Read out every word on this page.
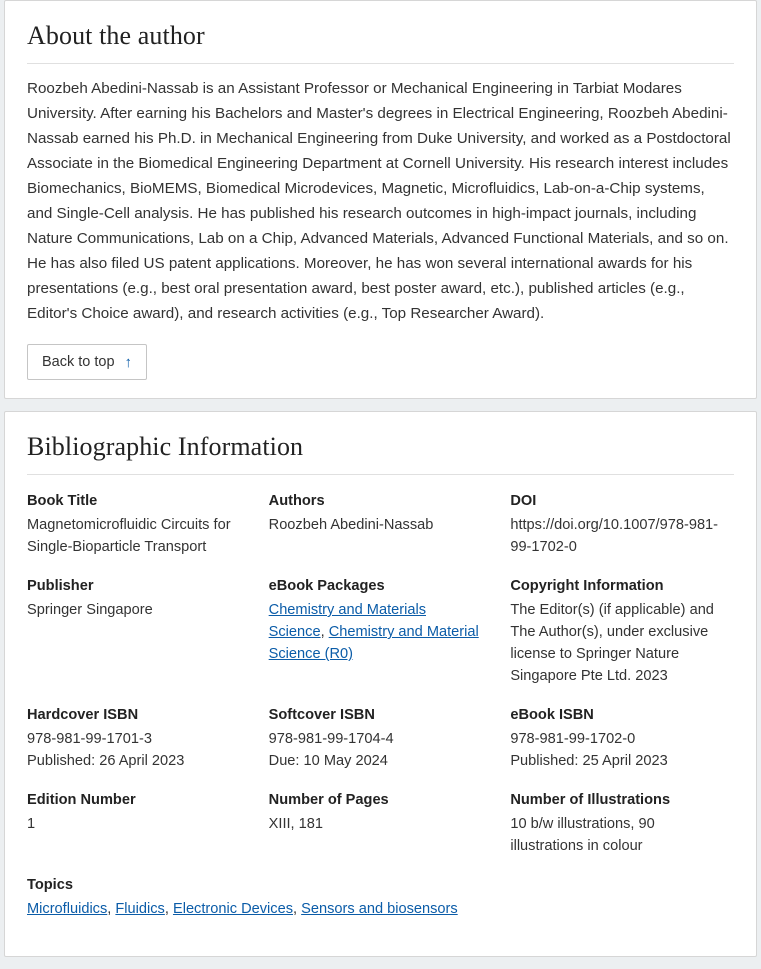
About the author

Roozbeh Abedini-Nassab is an Assistant Professor or Mechanical Engineering in Tarbiat Modares University. After earning his Bachelors and Master's degrees in Electrical Engineering, Roozbeh Abedini-Nassab earned his Ph.D. in Mechanical Engineering from Duke University, and worked as a Postdoctoral Associate in the Biomedical Engineering Department at Cornell University. His research interest includes Biomechanics, BioMEMS, Biomedical Microdevices, Magnetic, Microfluidics, Lab-on-a-Chip systems, and Single-Cell analysis. He has published his research outcomes in high-impact journals, including Nature Communications, Lab on a Chip, Advanced Materials, Advanced Functional Materials, and so on. He has also filed US patent applications. Moreover, he has won several international awards for his presentations (e.g., best oral presentation award, best poster award, etc.), published articles (e.g., Editor's Choice award), and research activities (e.g., Top Researcher Award).

Back to top ↑
Bibliographic Information
Book Title
Magnetomicrofluidic Circuits for Single-Bioparticle Transport
Authors
Roozbeh Abedini-Nassab
DOI
https://doi.org/10.1007/978-981-99-1702-0
Publisher
Springer Singapore
eBook Packages
Chemistry and Materials Science, Chemistry and Material Science (R0)
Copyright Information
The Editor(s) (if applicable) and The Author(s), under exclusive license to Springer Nature Singapore Pte Ltd. 2023
Hardcover ISBN
978-981-99-1701-3
Published: 26 April 2023
Softcover ISBN
978-981-99-1704-4
Due: 10 May 2024
eBook ISBN
978-981-99-1702-0
Published: 25 April 2023
Edition Number
1
Number of Pages
XIII, 181
Number of Illustrations
10 b/w illustrations, 90 illustrations in colour
Topics
Microfluidics, Fluidics, Electronic Devices, Sensors and biosensors
